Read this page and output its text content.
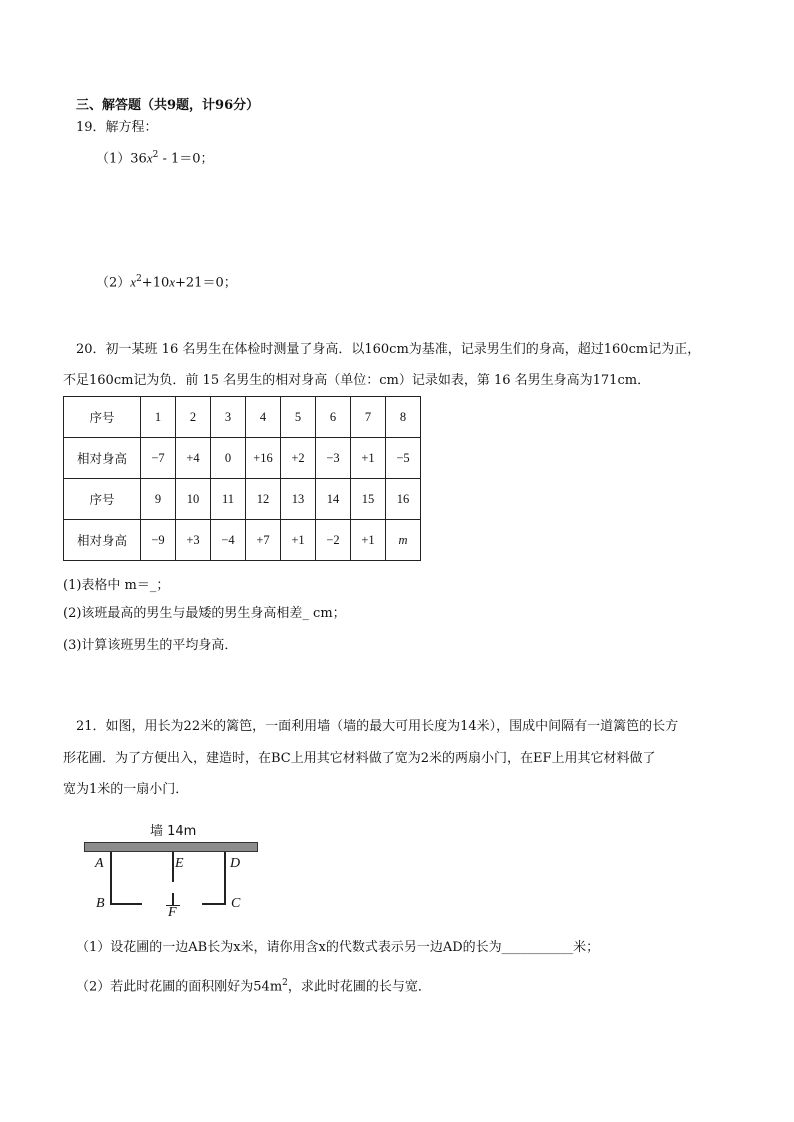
三、解答题（共9题，计96分）
19．解方程：
$(1)36x^2 - 1=0$；
$(2)x^2+10x+21=0$；
20．初一某班 16 名男生在体检时测量了身高．以160cm为基准，记录男生们的身高，超过160cm记为正，
不足160cm记为负．前 15 名男生的相对身高（单位：cm）记录如表，第 16 名男生身高为171cm．
序号	1	2	3	4	5	6	7	8
相对身高	−7	+4	0	+16	+2	−3	+1	−5
序号	9	10	11	12	13	14	15	16
相对身高	−9	+3	−4	+7	+1	−2	+1	m
(1)表格中 m＝_；
(2)该班最高的男生与最矮的男生身高相差_ cm；
(3)计算该班男生的平均身高．
21．如图，用长为22米的篱笆，一面利用墙（墙的最大可用长度为14米），围成中间隔有一道篱笆的长方
形花圃．为了方便出入，建造时，在BC上用其它材料做了宽为2米的两扇小门，在EF上用其它材料做了
宽为1米的一扇小门．
墙 14m
A	E	D
B
F
C
（1）设花圃的一边AB长为x米，请你用含x的代数式表示另一边AD的长为___________米；
（2）若此时花圃的面积刚好为$54m^2$，求此时花圃的长与宽．
